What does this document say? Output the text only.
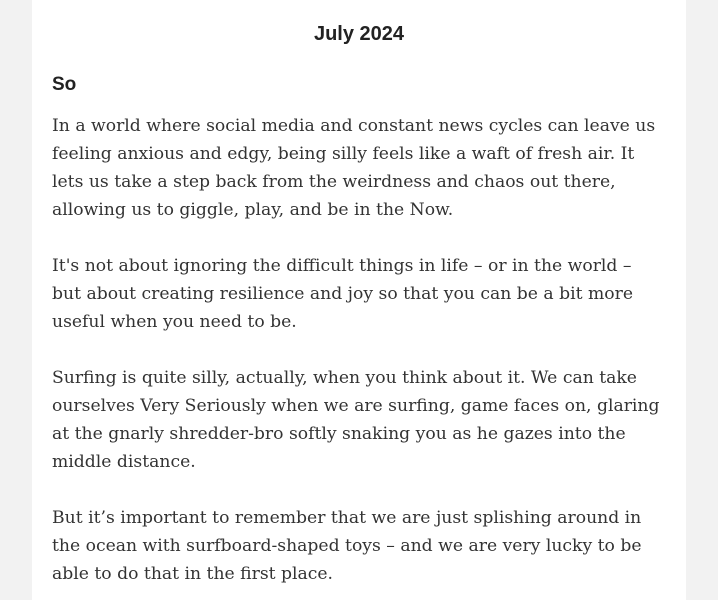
July 2024
So

In a world where social media and constant news cycles can leave us
feeling anxious and edgy, being silly feels like a waft of fresh air. It
lets us take a step back from the weirdness and chaos out there,
allowing us to giggle, play, and be in the Now.

It's not about ignoring the difficult things in life – or in the world –
but about creating resilience and joy so that you can be a bit more
useful when you need to be.

Surfing is quite silly, actually, when you think about it. We can take
ourselves Very Seriously when we are surfing, game faces on, glaring
at the gnarly shredder-bro softly snaking you as he gazes into the
middle distance.

But it’s important to remember that we are just splishing around in
the ocean with surfboard-shaped toys – and we are very lucky to be
able to do that in the first place.
